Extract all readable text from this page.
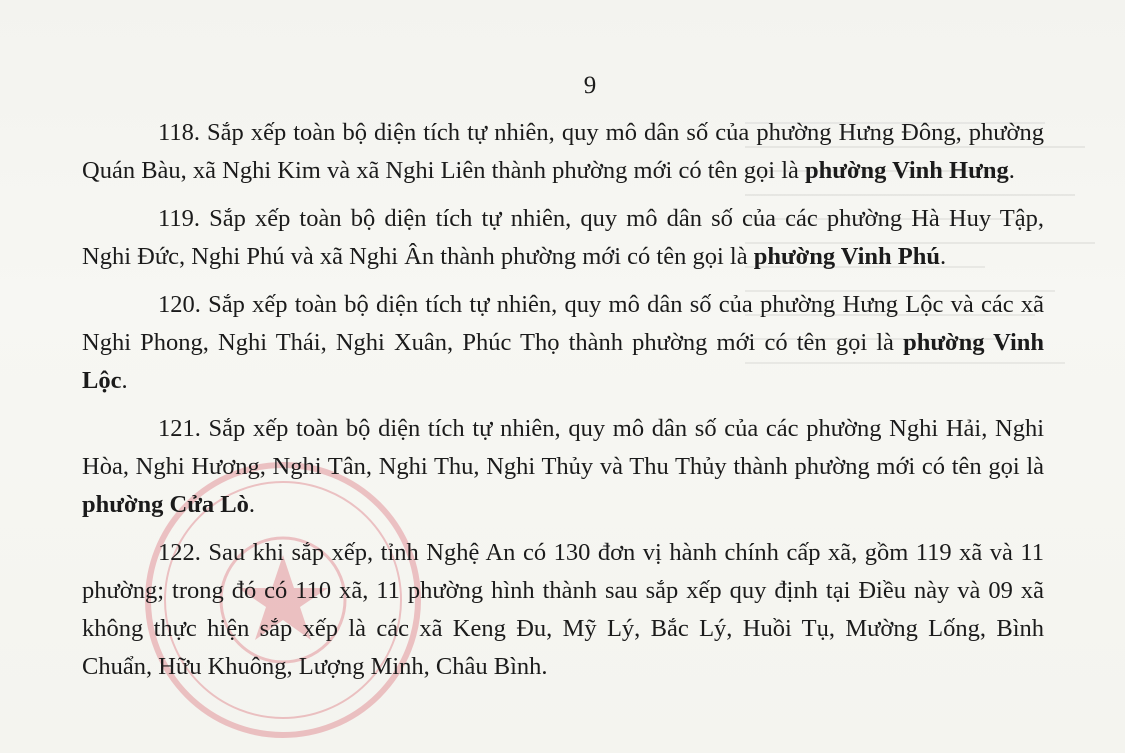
9

118. Sắp xếp toàn bộ diện tích tự nhiên, quy mô dân số của phường Hưng Đông, phường Quán Bàu, xã Nghi Kim và xã Nghi Liên thành phường mới có tên gọi là phường Vinh Hưng.

119. Sắp xếp toàn bộ diện tích tự nhiên, quy mô dân số của các phường Hà Huy Tập, Nghi Đức, Nghi Phú và xã Nghi Ân thành phường mới có tên gọi là phường Vinh Phú.

120. Sắp xếp toàn bộ diện tích tự nhiên, quy mô dân số của phường Hưng Lộc và các xã Nghi Phong, Nghi Thái, Nghi Xuân, Phúc Thọ thành phường mới có tên gọi là phường Vinh Lộc.

121. Sắp xếp toàn bộ diện tích tự nhiên, quy mô dân số của các phường Nghi Hải, Nghi Hòa, Nghi Hương, Nghi Tân, Nghi Thu, Nghi Thủy và Thu Thủy thành phường mới có tên gọi là phường Cửa Lò.

122. Sau khi sắp xếp, tỉnh Nghệ An có 130 đơn vị hành chính cấp xã, gồm 119 xã và 11 phường; trong đó có 110 xã, 11 phường hình thành sau sắp xếp quy định tại Điều này và 09 xã không thực hiện sắp xếp là các xã Keng Đu, Mỹ Lý, Bắc Lý, Huồi Tụ, Mường Lống, Bình Chuẩn, Hữu Khuông, Lượng Minh, Châu Bình.
